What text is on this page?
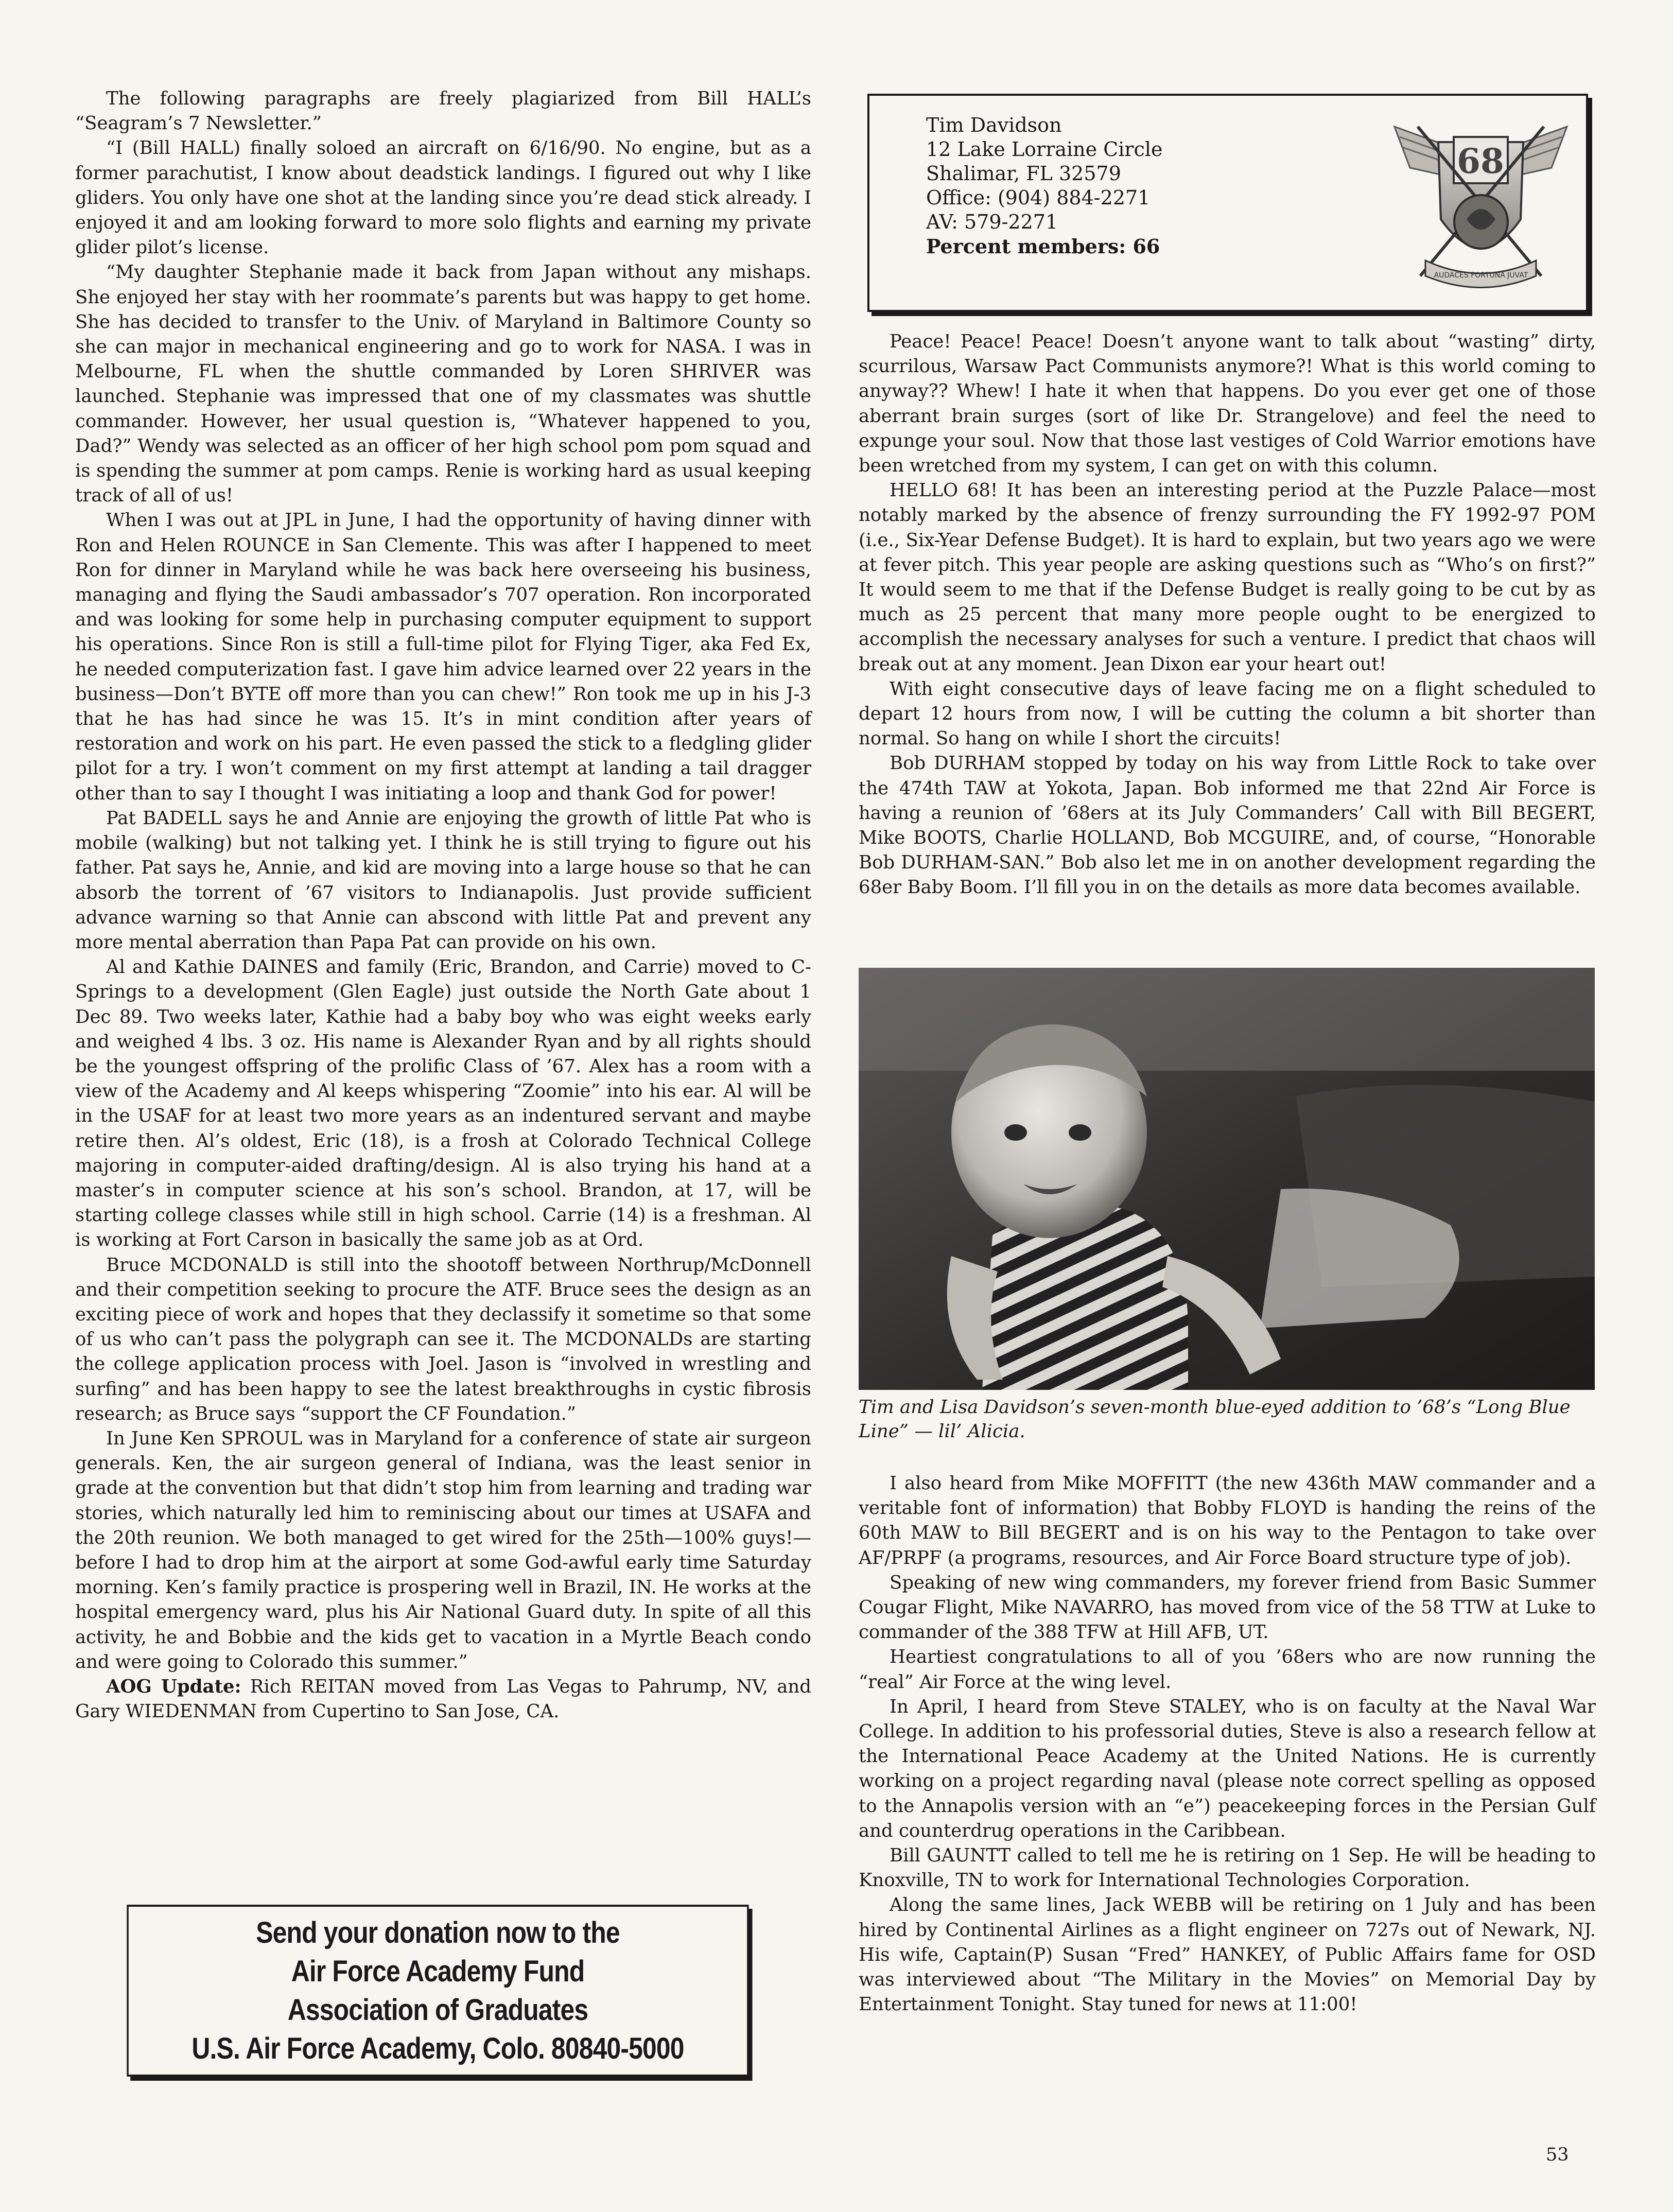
The following paragraphs are freely plagiarized from Bill HALL’s “Seagram’s 7 Newsletter.”

“I (Bill HALL) finally soloed an aircraft on 6/16/90. No engine, but as a former parachutist, I know about deadstick landings. I figured out why I like gliders. You only have one shot at the landing since you’re dead stick already. I enjoyed it and am looking forward to more solo flights and earning my private glider pilot’s license.

“My daughter Stephanie made it back from Japan without any mishaps. She enjoyed her stay with her roommate’s parents but was happy to get home. She has decided to transfer to the Univ. of Maryland in Baltimore County so she can major in mechanical engineering and go to work for NASA. I was in Melbourne, FL when the shuttle commanded by Loren SHRIVER was launched. Stephanie was impressed that one of my classmates was shuttle commander. However, her usual question is, “Whatever happened to you, Dad?” Wendy was selected as an officer of her high school pom pom squad and is spending the summer at pom camps. Renie is working hard as usual keeping track of all of us!

When I was out at JPL in June, I had the opportunity of having dinner with Ron and Helen ROUNCE in San Clemente. This was after I happened to meet Ron for dinner in Maryland while he was back here overseeing his business, managing and flying the Saudi ambassador’s 707 operation. Ron incorporated and was looking for some help in purchasing computer equipment to support his operations. Since Ron is still a full-time pilot for Flying Tiger, aka Fed Ex, he needed computerization fast. I gave him advice learned over 22 years in the business—Don’t BYTE off more than you can chew!” Ron took me up in his J-3 that he has had since he was 15. It’s in mint condition after years of restoration and work on his part. He even passed the stick to a fledgling glider pilot for a try. I won’t comment on my first attempt at landing a tail dragger other than to say I thought I was initiating a loop and thank God for power!

Pat BADELL says he and Annie are enjoying the growth of little Pat who is mobile (walking) but not talking yet. I think he is still trying to figure out his father. Pat says he, Annie, and kid are moving into a large house so that he can absorb the torrent of ’67 visitors to Indianapolis. Just provide sufficient advance warning so that Annie can abscond with little Pat and prevent any more mental aberration than Papa Pat can provide on his own.

Al and Kathie DAINES and family (Eric, Brandon, and Carrie) moved to C-Springs to a development (Glen Eagle) just outside the North Gate about 1 Dec 89. Two weeks later, Kathie had a baby boy who was eight weeks early and weighed 4 lbs. 3 oz. His name is Alexander Ryan and by all rights should be the youngest offspring of the prolific Class of ’67. Alex has a room with a view of the Academy and Al keeps whispering “Zoomie” into his ear. Al will be in the USAF for at least two more years as an indentured servant and maybe retire then. Al’s oldest, Eric (18), is a frosh at Colorado Technical College majoring in computer-aided drafting/design. Al is also trying his hand at a master’s in computer science at his son’s school. Brandon, at 17, will be starting college classes while still in high school. Carrie (14) is a freshman. Al is working at Fort Carson in basically the same job as at Ord.

Bruce MCDONALD is still into the shootoff between Northrup/McDonnell and their competition seeking to procure the ATF. Bruce sees the design as an exciting piece of work and hopes that they declassify it sometime so that some of us who can’t pass the polygraph can see it. The MCDONALDs are starting the college application process with Joel. Jason is “involved in wrestling and surfing” and has been happy to see the latest breakthroughs in cystic fibrosis research; as Bruce says “support the CF Foundation.”

In June Ken SPROUL was in Maryland for a conference of state air surgeon generals. Ken, the air surgeon general of Indiana, was the least senior in grade at the convention but that didn’t stop him from learning and trading war stories, which naturally led him to reminiscing about our times at USAFA and the 20th reunion. We both managed to get wired for the 25th—100% guys!—before I had to drop him at the airport at some God-awful early time Saturday morning. Ken’s family practice is prospering well in Brazil, IN. He works at the hospital emergency ward, plus his Air National Guard duty. In spite of all this activity, he and Bobbie and the kids get to vacation in a Myrtle Beach condo and were going to Colorado this summer.”

AOG Update: Rich REITAN moved from Las Vegas to Pahrump, NV, and Gary WIEDENMAN from Cupertino to San Jose, CA.

Send your donation now to the
Air Force Academy Fund
Association of Graduates
U.S. Air Force Academy, Colo. 80840-5000
Tim Davidson
12 Lake Lorraine Circle
Shalimar, FL 32579
Office: (904) 884-2271
AV: 579-2271
Percent members: 66
68
AUDACES FORTUNA JUVAT

Peace! Peace! Peace! Doesn’t anyone want to talk about “wasting” dirty, scurrilous, Warsaw Pact Communists anymore?! What is this world coming to anyway?? Whew! I hate it when that happens. Do you ever get one of those aberrant brain surges (sort of like Dr. Strangelove) and feel the need to expunge your soul. Now that those last vestiges of Cold Warrior emotions have been wretched from my system, I can get on with this column.

HELLO 68! It has been an interesting period at the Puzzle Palace—most notably marked by the absence of frenzy surrounding the FY 1992-97 POM (i.e., Six-Year Defense Budget). It is hard to explain, but two years ago we were at fever pitch. This year people are asking questions such as “Who’s on first?” It would seem to me that if the Defense Budget is really going to be cut by as much as 25 percent that many more people ought to be energized to accomplish the necessary analyses for such a venture. I predict that chaos will break out at any moment. Jean Dixon ear your heart out!

With eight consecutive days of leave facing me on a flight scheduled to depart 12 hours from now, I will be cutting the column a bit shorter than normal. So hang on while I short the circuits!

Bob DURHAM stopped by today on his way from Little Rock to take over the 474th TAW at Yokota, Japan. Bob informed me that 22nd Air Force is having a reunion of ’68ers at its July Commanders’ Call with Bill BEGERT, Mike BOOTS, Charlie HOLLAND, Bob MCGUIRE, and, of course, “Honorable Bob DURHAM-SAN.” Bob also let me in on another development regarding the 68er Baby Boom. I’ll fill you in on the details as more data becomes available.

Tim and Lisa Davidson’s seven-month blue-eyed addition to ’68’s “Long Blue Line” — lil’ Alicia.

I also heard from Mike MOFFITT (the new 436th MAW commander and a veritable font of information) that Bobby FLOYD is handing the reins of the 60th MAW to Bill BEGERT and is on his way to the Pentagon to take over AF/PRPF (a programs, resources, and Air Force Board structure type of job).

Speaking of new wing commanders, my forever friend from Basic Summer Cougar Flight, Mike NAVARRO, has moved from vice of the 58 TTW at Luke to commander of the 388 TFW at Hill AFB, UT.

Heartiest congratulations to all of you ’68ers who are now running the “real” Air Force at the wing level.

In April, I heard from Steve STALEY, who is on faculty at the Naval War College. In addition to his professorial duties, Steve is also a research fellow at the International Peace Academy at the United Nations. He is currently working on a project regarding naval (please note correct spelling as opposed to the Annapolis version with an “e”) peacekeeping forces in the Persian Gulf and counterdrug operations in the Caribbean.

Bill GAUNTT called to tell me he is retiring on 1 Sep. He will be heading to Knoxville, TN to work for International Technologies Corporation.

Along the same lines, Jack WEBB will be retiring on 1 July and has been hired by Continental Airlines as a flight engineer on 727s out of Newark, NJ. His wife, Captain(P) Susan “Fred” HANKEY, of Public Affairs fame for OSD was interviewed about “The Military in the Movies” on Memorial Day by Entertainment Tonight. Stay tuned for news at 11:00!

53
